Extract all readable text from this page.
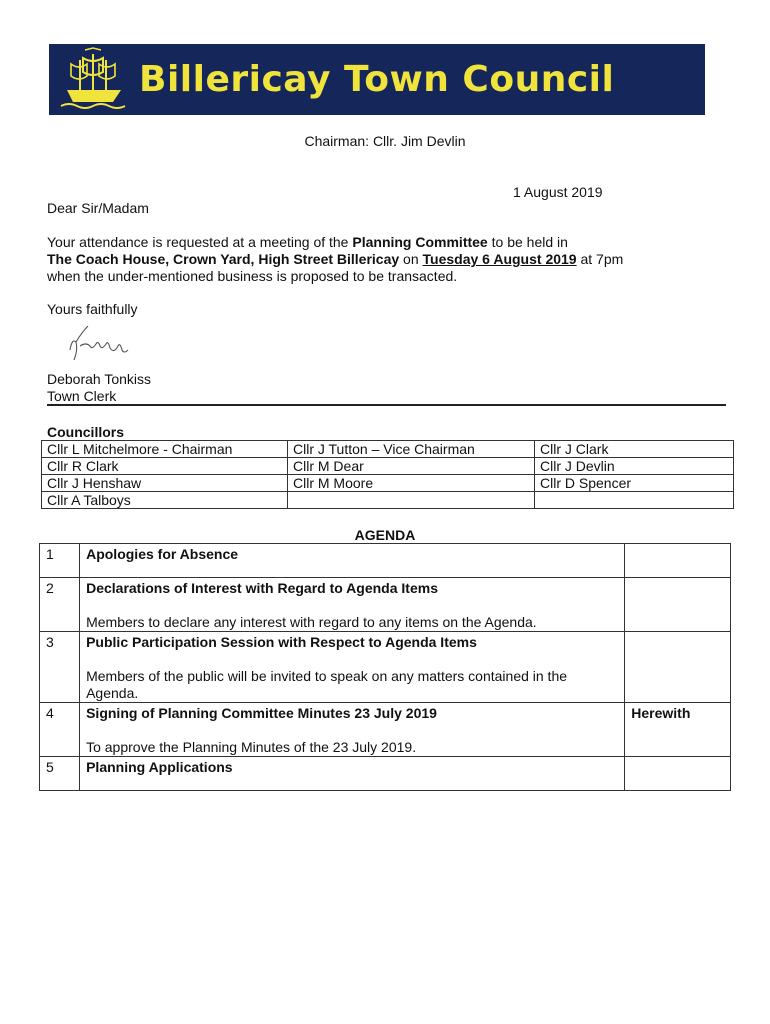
Billericay Town Council
Chairman: Cllr. Jim Devlin
1 August 2019
Dear Sir/Madam
Your attendance is requested at a meeting of the Planning Committee to be held in
The Coach House, Crown Yard, High Street Billericay on Tuesday 6 August 2019 at 7pm
when the under-mentioned business is proposed to be transacted.
Yours faithfully
Deborah Tonkiss
Town Clerk
Councillors
Cllr L Mitchelmore - Chairman	Cllr J Tutton – Vice Chairman	Cllr J Clark
Cllr R Clark	Cllr M Dear	Cllr J Devlin
Cllr J Henshaw	Cllr M Moore	Cllr D Spencer
Cllr A Talboys		
AGENDA
1	Apologies for Absence	

2	Declarations of Interest with Regard to Agenda Items
Members to declare any interest with regard to any items on the Agenda.	

3	Public Participation Session with Respect to Agenda Items
Members of the public will be invited to speak on any matters contained in the Agenda.	

4	Signing of Planning Committee Minutes 23 July 2019
To approve the Planning Minutes of the 23 July 2019.	Herewith
5	Planning Applications	
